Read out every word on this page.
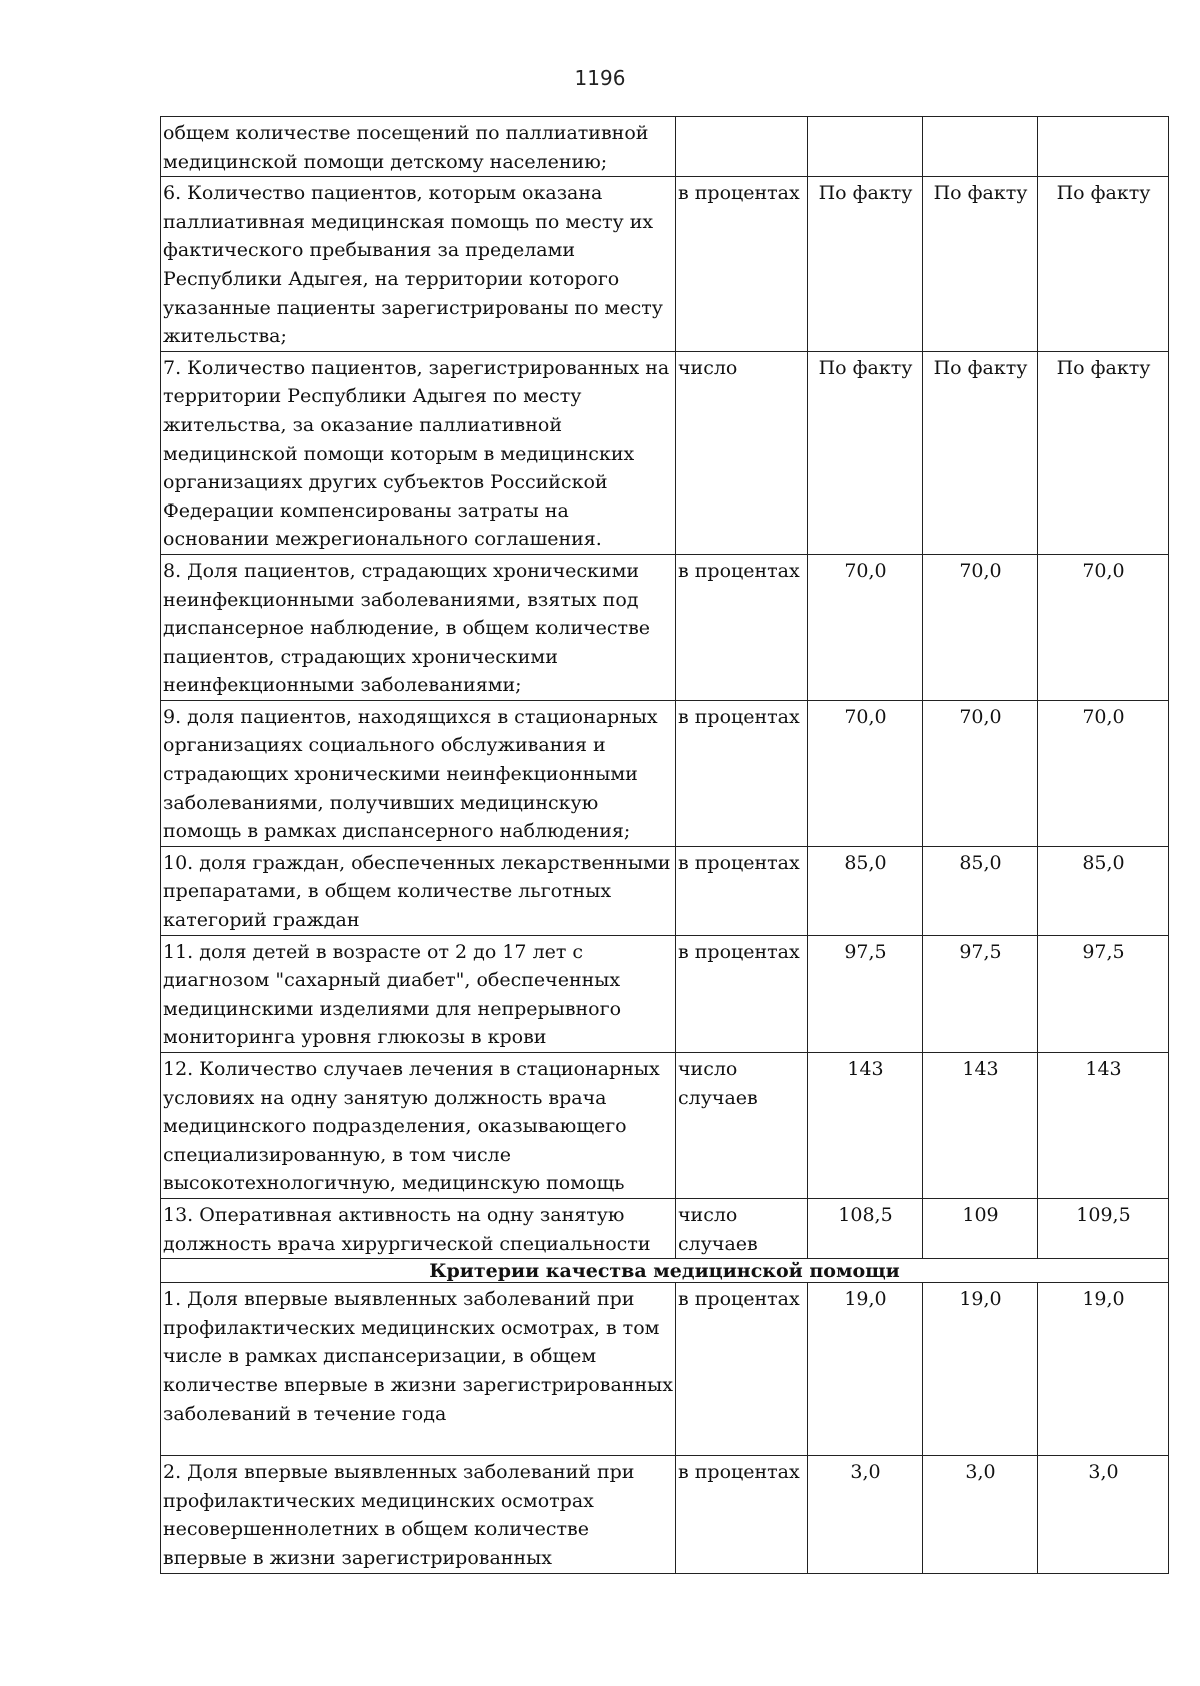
1196
общем количестве посещений по паллиативной медицинской помощи детскому населению;				
6. Количество пациентов, которым оказана паллиативная медицинская помощь по месту их фактического пребывания за пределами Республики Адыгея, на территории которого указанные пациенты зарегистрированы по месту жительства;	в процентах	По факту	По факту	По факту
7. Количество пациентов, зарегистрированных на территории Республики Адыгея по месту жительства, за оказание паллиативной медицинской помощи которым в медицинских организациях других субъектов Российской Федерации компенсированы затраты на основании межрегионального соглашения.	число	По факту	По факту	По факту
8. Доля пациентов, страдающих хроническими неинфекционными заболеваниями, взятых под диспансерное наблюдение, в общем количестве пациентов, страдающих хроническими неинфекционными заболеваниями;	в процентах	70,0	70,0	70,0
9. доля пациентов, находящихся в стационарных организациях социального обслуживания и страдающих хроническими неинфекционными заболеваниями, получивших медицинскую помощь в рамках диспансерного наблюдения;	в процентах	70,0	70,0	70,0
10. доля граждан, обеспеченных лекарственными препаратами, в общем количестве льготных категорий граждан	в процентах	85,0	85,0	85,0
11. доля детей в возрасте от 2 до 17 лет с диагнозом "сахарный диабет", обеспеченных медицинскими изделиями для непрерывного мониторинга уровня глюкозы в крови	в процентах	97,5	97,5	97,5
12. Количество случаев лечения в стационарных условиях на одну занятую должность врача медицинского подразделения, оказывающего специализированную, в том числе высокотехнологичную, медицинскую помощь	число случаев	143	143	143
13. Оперативная активность на одну занятую должность врача хирургической специальности	число случаев	108,5	109	109,5
Критерии качества медицинской помощи				
1. Доля впервые выявленных заболеваний при профилактических медицинских осмотрах, в том числе в рамках диспансеризации, в общем количестве впервые в жизни зарегистрированных заболеваний в течение года	в процентах	19,0	19,0	19,0
2. Доля впервые выявленных заболеваний при профилактических медицинских осмотрах несовершеннолетних в общем количестве впервые в жизни зарегистрированных	в процентах	3,0	3,0	3,0
